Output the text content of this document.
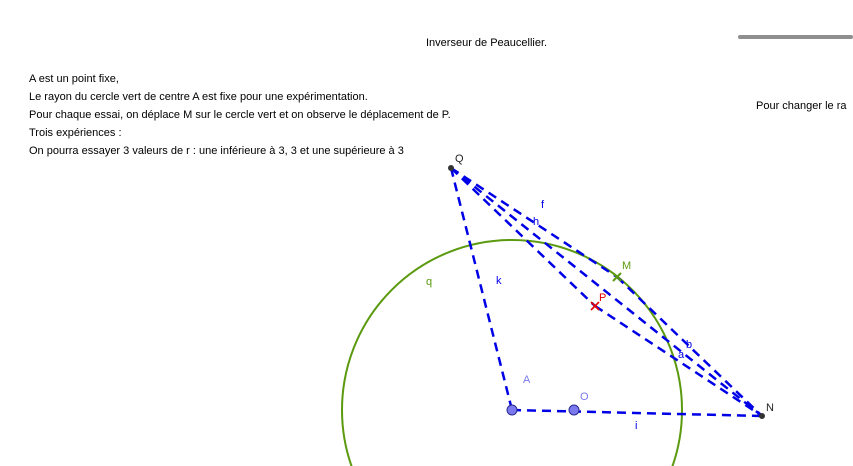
Inverseur de Peaucellier.
Pour changer le ra
A est un point fixe,
Le rayon du cercle vert de centre A est fixe pour une expérimentation.
Pour chaque essai, on déplace M sur le cercle vert et on observe le déplacement de P.
Trois expériences :
On pourra essayer 3 valeurs de r : une inférieure à 3, 3 et une supérieure à 3
Q
M
P
A
O
N
f
h
k
b
a
i
q
